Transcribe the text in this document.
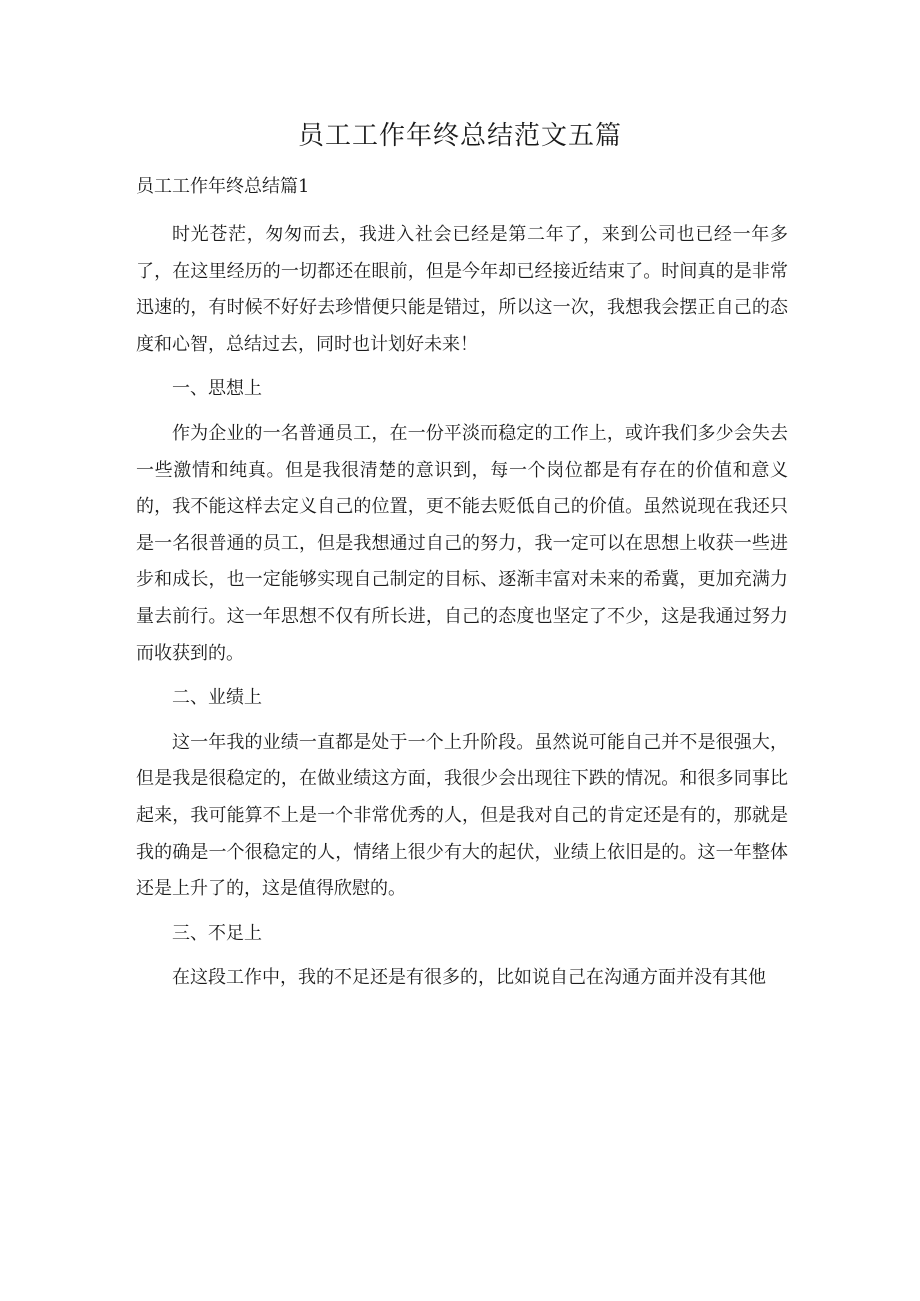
员工工作年终总结范文五篇

员工工作年终总结篇1

时光苍茫，匆匆而去，我进入社会已经是第二年了，来到公司也已经一年多了，在这里经历的一切都还在眼前，但是今年却已经接近结束了。时间真的是非常迅速的，有时候不好好去珍惜便只能是错过，所以这一次，我想我会摆正自己的态度和心智，总结过去，同时也计划好未来！

一、思想上

作为企业的一名普通员工，在一份平淡而稳定的工作上，或许我们多少会失去一些激情和纯真。但是我很清楚的意识到，每一个岗位都是有存在的价值和意义的，我不能这样去定义自己的位置，更不能去贬低自己的价值。虽然说现在我还只是一名很普通的员工，但是我想通过自己的努力，我一定可以在思想上收获一些进步和成长，也一定能够实现自己制定的目标、逐渐丰富对未来的希冀，更加充满力量去前行。这一年思想不仅有所长进，自己的态度也坚定了不少，这是我通过努力而收获到的。

二、业绩上

这一年我的业绩一直都是处于一个上升阶段。虽然说可能自己并不是很强大，但是我是很稳定的，在做业绩这方面，我很少会出现往下跌的情况。和很多同事比起来，我可能算不上是一个非常优秀的人，但是我对自己的肯定还是有的，那就是我的确是一个很稳定的人，情绪上很少有大的起伏，业绩上依旧是的。这一年整体还是上升了的，这是值得欣慰的。

三、不足上

在这段工作中，我的不足还是有很多的，比如说自己在沟通方面并没有其他
